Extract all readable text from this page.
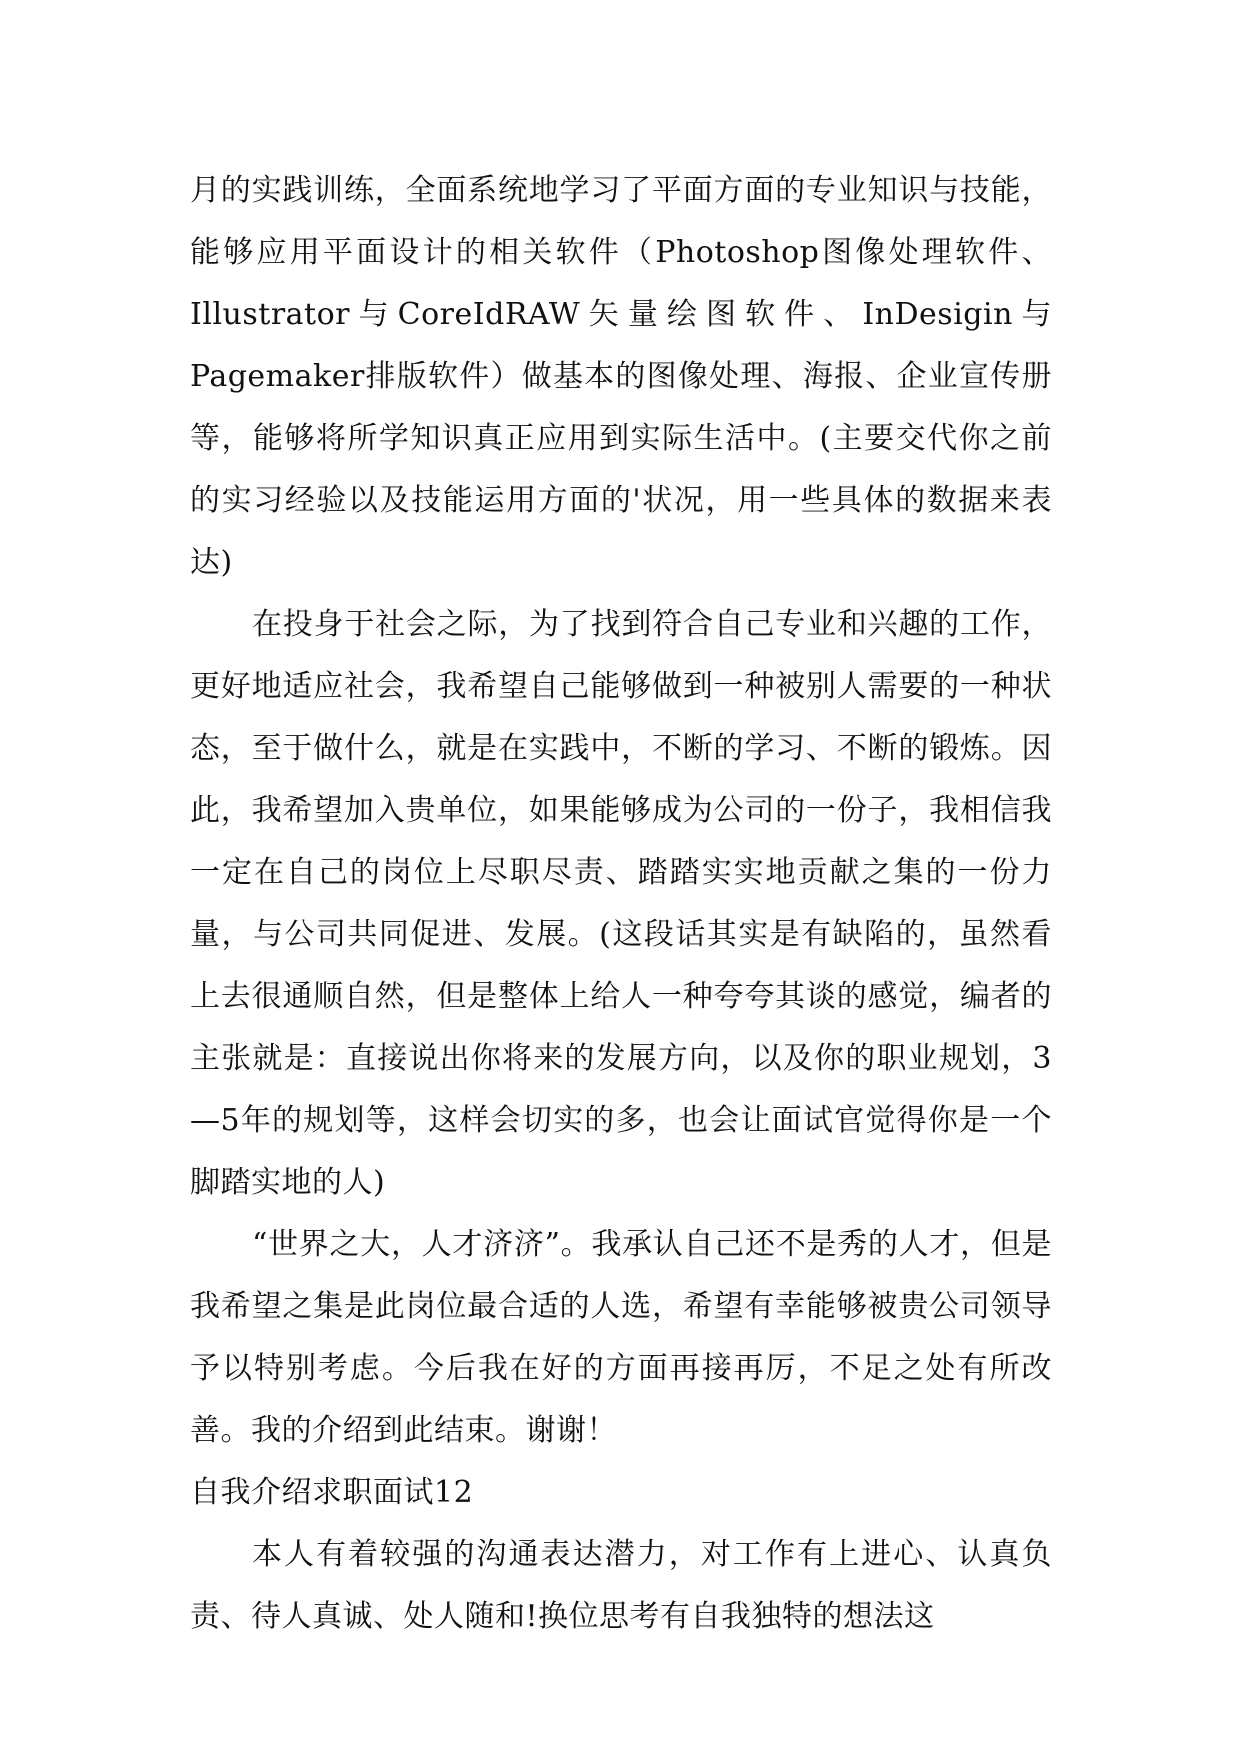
月的实践训练，全面系统地学习了平面方面的专业知识与技能，能够应用平面设计的相关软件（Photoshop图像处理软件、Illustrator与CoreIdRAW矢量绘图软件、InDesigin与Pagemaker排版软件）做基本的图像处理、海报、企业宣传册等，能够将所学知识真正应用到实际生活中。(主要交代你之前的实习经验以及技能运用方面的'状况，用一些具体的数据来表达)

在投身于社会之际，为了找到符合自己专业和兴趣的工作，更好地适应社会，我希望自己能够做到一种被别人需要的一种状态，至于做什么，就是在实践中，不断的学习、不断的锻炼。因此，我希望加入贵单位，如果能够成为公司的一份子，我相信我一定在自己的岗位上尽职尽责、踏踏实实地贡献之集的一份力量，与公司共同促进、发展。(这段话其实是有缺陷的，虽然看上去很通顺自然，但是整体上给人一种夸夸其谈的感觉，编者的主张就是：直接说出你将来的发展方向，以及你的职业规划，3—5年的规划等，这样会切实的多，也会让面试官觉得你是一个脚踏实地的人)

“世界之大，人才济济”。我承认自己还不是秀的人才，但是我希望之集是此岗位最合适的人选，希望有幸能够被贵公司领导予以特别考虑。今后我在好的方面再接再厉，不足之处有所改善。我的介绍到此结束。谢谢！

自我介绍求职面试12

本人有着较强的沟通表达潜力，对工作有上进心、认真负责、待人真诚、处人随和!换位思考有自我独特的想法这
